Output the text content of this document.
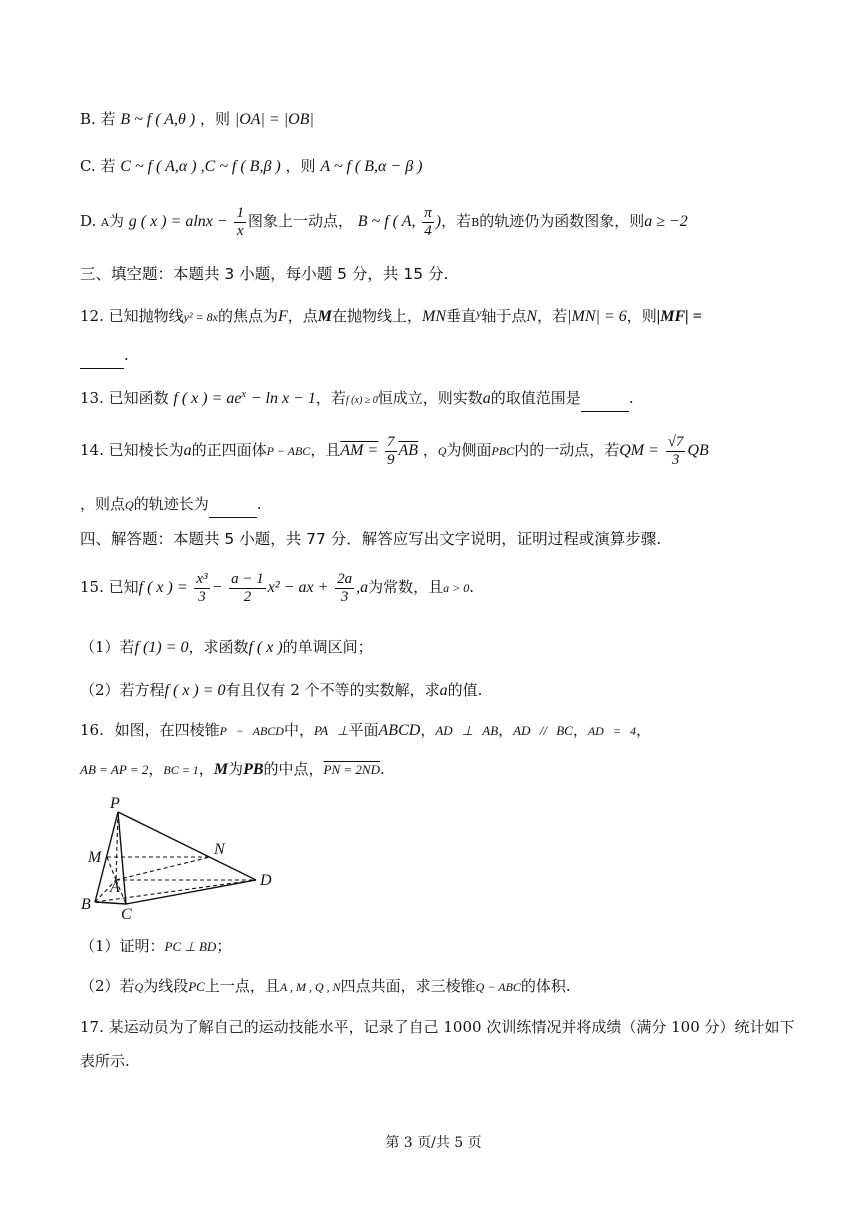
B. 若 B ~ f ( A,θ ) ，则 |OA| = |OB|
C. 若 C ~ f ( A,α ) ,C ~ f ( B,β ) ，则 A ~ f ( B,α − β )
D. A为 g ( x ) = $alnx - \frac{1}{x}$ 图象上一动点， B ~ f ( A, $\frac{\pi}{4}$ )，若B的轨迹仍为函数图象，则a ≥ −2
三、填空题：本题共 3 小题，每小题 5 分，共 15 分.
12. 已知抛物线y² = 8x的焦点为F，点M在抛物线上，MN垂直$^y$轴于点N，若|MN| = 6，则|MF| =
.
13. 已知函数 f ( x ) = $ae^x - \ln x - 1$，若f (x) ≥ 0恒成立，则实数a的取值范围是	.
14. 已知棱长为a的正四面体P − ABC，且AM = $\frac{7}{9} \overline{AB}$ ，Q为侧面PBC内的一动点，若QM = $\frac{√7}{3}$ QB
，则点Q的轨迹长为	.
四、解答题：本题共 5 小题，共 77 分．解答应写出文字说明，证明过程或演算步骤.
15. 已知f ( x ) = $\frac{\text{x³}}{3} - \frac{a - 1}{2} x^2$ − ax + $\frac{2a}{3} ,a$为常数，且a > 0.
（1）若f (1) = 0，求函数f ( x )的单调区间；
（2）若方程f ( x ) = 0有且仅有 2 个不等的实数解，求a的值.
16. 如图，在四棱锥P − ABCD中，PA ⊥平面ABCD，AD ⊥ AB，AD // BC，AD = 4，
AB = AP = 2，BC = 1，M为PB的中点，PN = 2ND.
P
M	N
A	D
B
C
（1）证明：PC ⊥ BD；
（2）若Q为线段PC上一点，且A , M , Q , N四点共面，求三棱锥Q − ABC的体积.
17. 某运动员为了解自己的运动技能水平，记录了自己 1000 次训练情况并将成绩（满分 100 分）统计如下
表所示.
第 3 页/共 5 页
